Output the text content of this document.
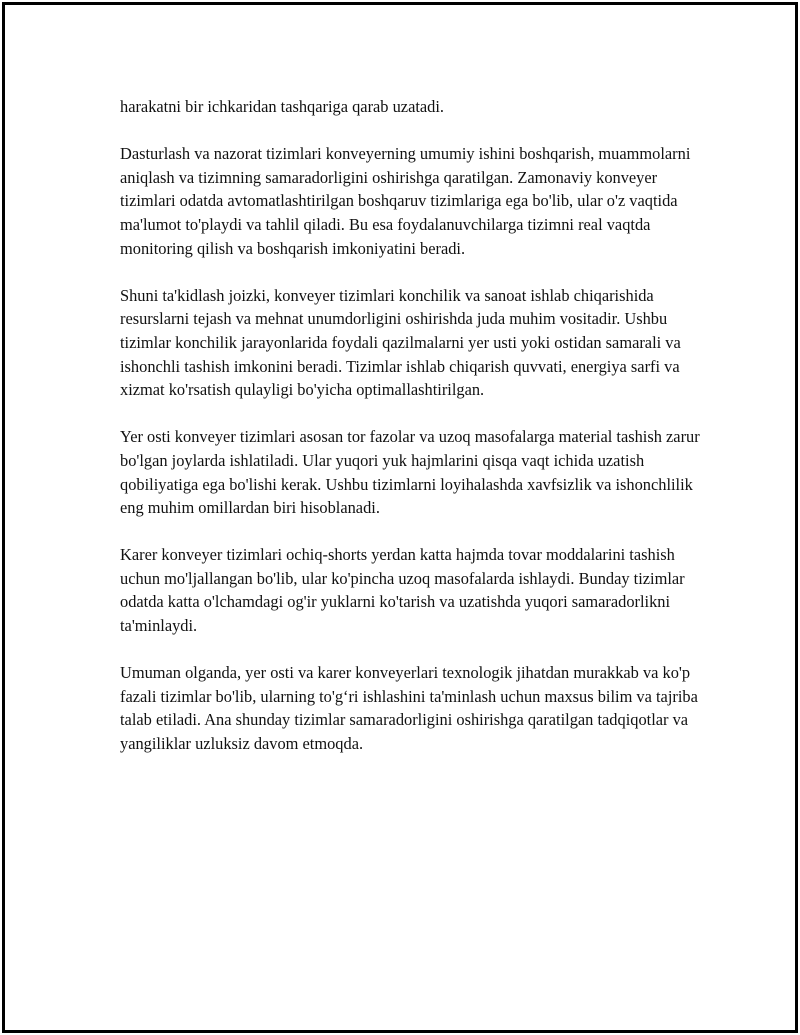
harakatni bir ichkaridan tashqariga qarab uzatadi.

Dasturlash va nazorat tizimlari konveyerning umumiy ishini boshqarish, muammolarni aniqlash va tizimning samaradorligini oshirishga qaratilgan. Zamonaviy konveyer tizimlari odatda avtomatlashtirilgan boshqaruv tizimlariga ega bo'lib, ular o'z vaqtida ma'lumot to'playdi va tahlil qiladi. Bu esa foydalanuvchilarga tizimni real vaqtda monitoring qilish va boshqarish imkoniyatini beradi.

Shuni ta'kidlash joizki, konveyer tizimlari konchilik va sanoat ishlab chiqarishida resurslarni tejash va mehnat unumdorligini oshirishda juda muhim vositadir. Ushbu tizimlar konchilik jarayonlarida foydali qazilmalarni yer usti yoki ostidan samarali va ishonchli tashish imkonini beradi. Tizimlar ishlab chiqarish quvvati, energiya sarfi va xizmat ko'rsatish qulayligi bo'yicha optimallashtirilgan.

Yer osti konveyer tizimlari asosan tor fazolar va uzoq masofalarga material tashish zarur bo'lgan joylarda ishlatiladi. Ular yuqori yuk hajmlarini qisqa vaqt ichida uzatish qobiliyatiga ega bo'lishi kerak. Ushbu tizimlarni loyihalashda xavfsizlik va ishonchlilik eng muhim omillardan biri hisoblanadi.

Karer konveyer tizimlari ochiq-shorts yerdan katta hajmda tovar moddalarini tashish uchun mo'ljallangan bo'lib, ular ko'pincha uzoq masofalarda ishlaydi. Bunday tizimlar odatda katta o'lchamdagi og'ir yuklarni ko'tarish va uzatishda yuqori samaradorlikni ta'minlaydi.

Umuman olganda, yer osti va karer konveyerlari texnologik jihatdan murakkab va ko'p fazali tizimlar bo'lib, ularning to'g‘ri ishlashini ta'minlash uchun maxsus bilim va tajriba talab etiladi. Ana shunday tizimlar samaradorligini oshirishga qaratilgan tadqiqotlar va yangiliklar uzluksiz davom etmoqda.
